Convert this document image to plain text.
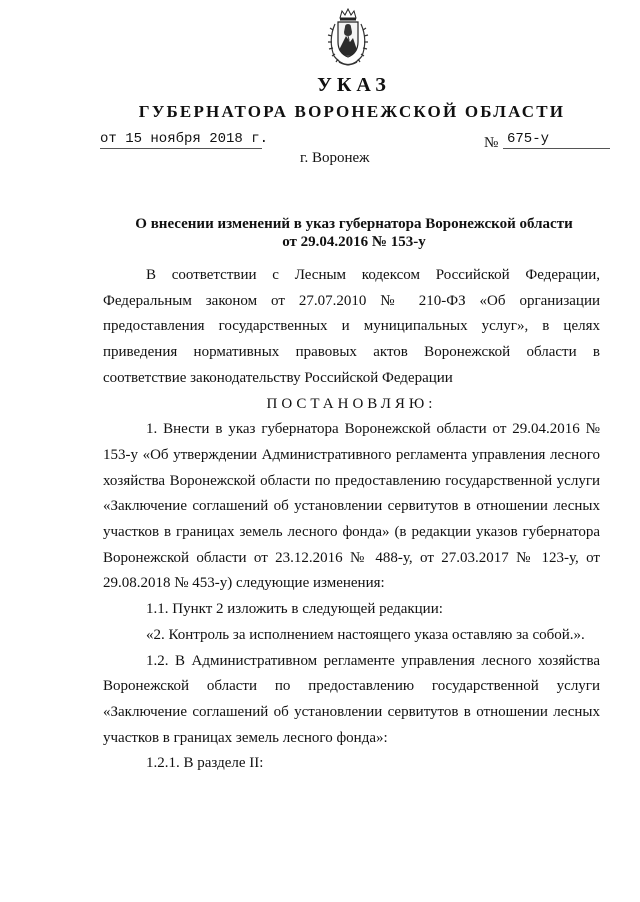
УКАЗ
ГУБЕРНАТОРА ВОРОНЕЖСКОЙ ОБЛАСТИ
от 15 ноября 2018 г.	№ 675-у
г. Воронеж
О внесении изменений в указ губернатора Воронежской области
от 29.04.2016 № 153-у

В соответствии с Лесным кодексом Российской Федерации, Федеральным законом от 27.07.2010 № 210-ФЗ «Об организации предоставления государственных и муниципальных услуг», в целях приведения нормативных правовых актов Воронежской области в соответствие законодательству Российской Федерации

ПОСТАНОВЛЯЮ:

1. Внести в указ губернатора Воронежской области от 29.04.2016 № 153-у «Об утверждении Административного регламента управления лесного хозяйства Воронежской области по предоставлению государственной услуги «Заключение соглашений об установлении сервитутов в отношении лесных участков в границах земель лесного фонда» (в редакции указов губернатора Воронежской области от 23.12.2016 № 488-у, от 27.03.2017 № 123-у, от 29.08.2018 № 453-у) следующие изменения:

1.1. Пункт 2 изложить в следующей редакции:

«2. Контроль за исполнением настоящего указа оставляю за собой.».

1.2. В Административном регламенте управления лесного хозяйства Воронежской области по предоставлению государственной услуги «Заключение соглашений об установлении сервитутов в отношении лесных участков в границах земель лесного фонда»:

1.2.1. В разделе II:
